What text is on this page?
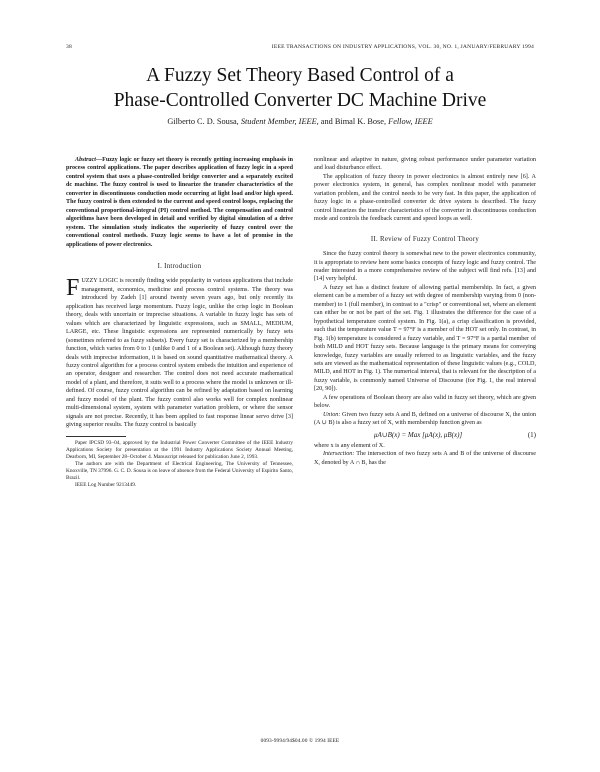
38	IEEE TRANSACTIONS ON INDUSTRY APPLICATIONS, VOL. 30, NO. 1, JANUARY/FEBRUARY 1994
A Fuzzy Set Theory Based Control of a
Phase-Controlled Converter DC Machine Drive
Gilberto C. D. Sousa, Student Member, IEEE, and Bimal K. Bose, Fellow, IEEE

Abstract—Fuzzy logic or fuzzy set theory is recently getting increasing emphasis in process control applications. The paper describes application of fuzzy logic in a speed control system that uses a phase-controlled bridge converter and a separately excited dc machine. The fuzzy control is used to linearize the transfer characteristics of the converter in discontinuous conduction mode occurring at light load and/or high speed. The fuzzy control is then extended to the current and speed control loops, replacing the conventional proportional-integral (PI) control method. The compensation and control algorithms have been developed in detail and verified by digital simulation of a drive system. The simulation study indicates the superiority of fuzzy control over the conventional control methods. Fuzzy logic seems to have a lot of promise in the applications of power electronics.

I. Introduction

FUZZY LOGIC is recently finding wide popularity in various applications that include management, economics, medicine and process control systems. The theory was introduced by Zadeh [1] around twenty seven years ago, but only recently its application has received large momentum. Fuzzy logic, unlike the crisp logic in Boolean theory, deals with uncertain or imprecise situations. A variable in fuzzy logic has sets of values which are characterized by linguistic expressions, such as SMALL, MEDIUM, LARGE, etc. These linguistic expressions are represented numerically by fuzzy sets (sometimes referred to as fuzzy subsets). Every fuzzy set is characterized by a membership function, which varies from 0 to 1 (unlike 0 and 1 of a Boolean set). Although fuzzy theory deals with imprecise information, it is based on sound quantitative mathematical theory. A fuzzy control algorithm for a process control system embeds the intuition and experience of an operator, designer and researcher. The control does not need accurate mathematical model of a plant, and therefore, it suits well to a process where the model is unknown or ill-defined. Of course, fuzzy control algorithm can be refined by adaptation based on learning and fuzzy model of the plant. The fuzzy control also works well for complex nonlinear multi-dimensional system, system with parameter variation problem, or where the sensor signals are not precise. Recently, it has been applied to fast response linear servo drive [3] giving superior results. The fuzzy control is basically

Paper IPCSD 93–04, approved by the Industrial Power Converter Committee of the IEEE Industry Applications Society for presentation at the 1991 Industry Applications Society Annual Meeting, Dearborn, MI, September 28–October 4. Manuscript released for publication June 2, 1993.

The authors are with the Department of Electrical Engineering, The University of Tennessee, Knoxville, TN 37996. G. C. D. Sousa is on leave of absence from the Federal University of Espirito Santo, Brazil.

IEEE Log Number 9213449.

nonlinear and adaptive in nature, giving robust performance under parameter variation and load disturbance effect.

The application of fuzzy theory in power electronics is almost entirely new [6]. A power electronics system, in general, has complex nonlinear model with parameter variation problem, and the control needs to be very fast. In this paper, the application of fuzzy logic in a phase-controlled converter dc drive system is described. The fuzzy control linearizes the transfer characteristics of the converter in discontinuous conduction mode and controls the feedback current and speed loops as well.

II. Review of Fuzzy Control Theory

Since the fuzzy control theory is somewhat new to the power electronics community, it is appropriate to review here some basics concepts of fuzzy logic and fuzzy control. The reader interested in a more comprehensive review of the subject will find refs. [13] and [14] very helpful.

A fuzzy set has a distinct feature of allowing partial membership. In fact, a given element can be a member of a fuzzy set with degree of membership varying from 0 (non-member) to 1 (full member), in contrast to a "crisp" or conventional set, where an element can either be or not be part of the set. Fig. 1 illustrates the difference for the case of a hypothetical temperature control system. In Fig. 1(a), a crisp classification is provided, such that the temperature value T = 97°F is a member of the HOT set only. In contrast, in Fig. 1(b) temperature is considered a fuzzy variable, and T = 97°F is a partial member of both MILD and HOT fuzzy sets. Because language is the primary means for conveying knowledge, fuzzy variables are usually referred to as linguistic variables, and the fuzzy sets are viewed as the mathematical representation of these linguistic values (e.g., COLD, MILD, and HOT in Fig. 1). The numerical interval, that is relevant for the description of a fuzzy variable, is commonly named Universe of Discourse (for Fig. 1, the real interval [20, 90]).

A few operations of Boolean theory are also valid in fuzzy set theory, which are given below.

Union: Given two fuzzy sets A and B, defined on a universe of discourse X, the union (A ∪ B) is also a fuzzy set of X, with membership function given as

μA∪B(x) = Max [μA(x), μB(x)]	(1)

where x is any element of X.

Intersection: The intersection of two fuzzy sets A and B of the universe of discourse X, denoted by A ∩ B, has the

0093-9994/94$04.00 © 1994 IEEE
